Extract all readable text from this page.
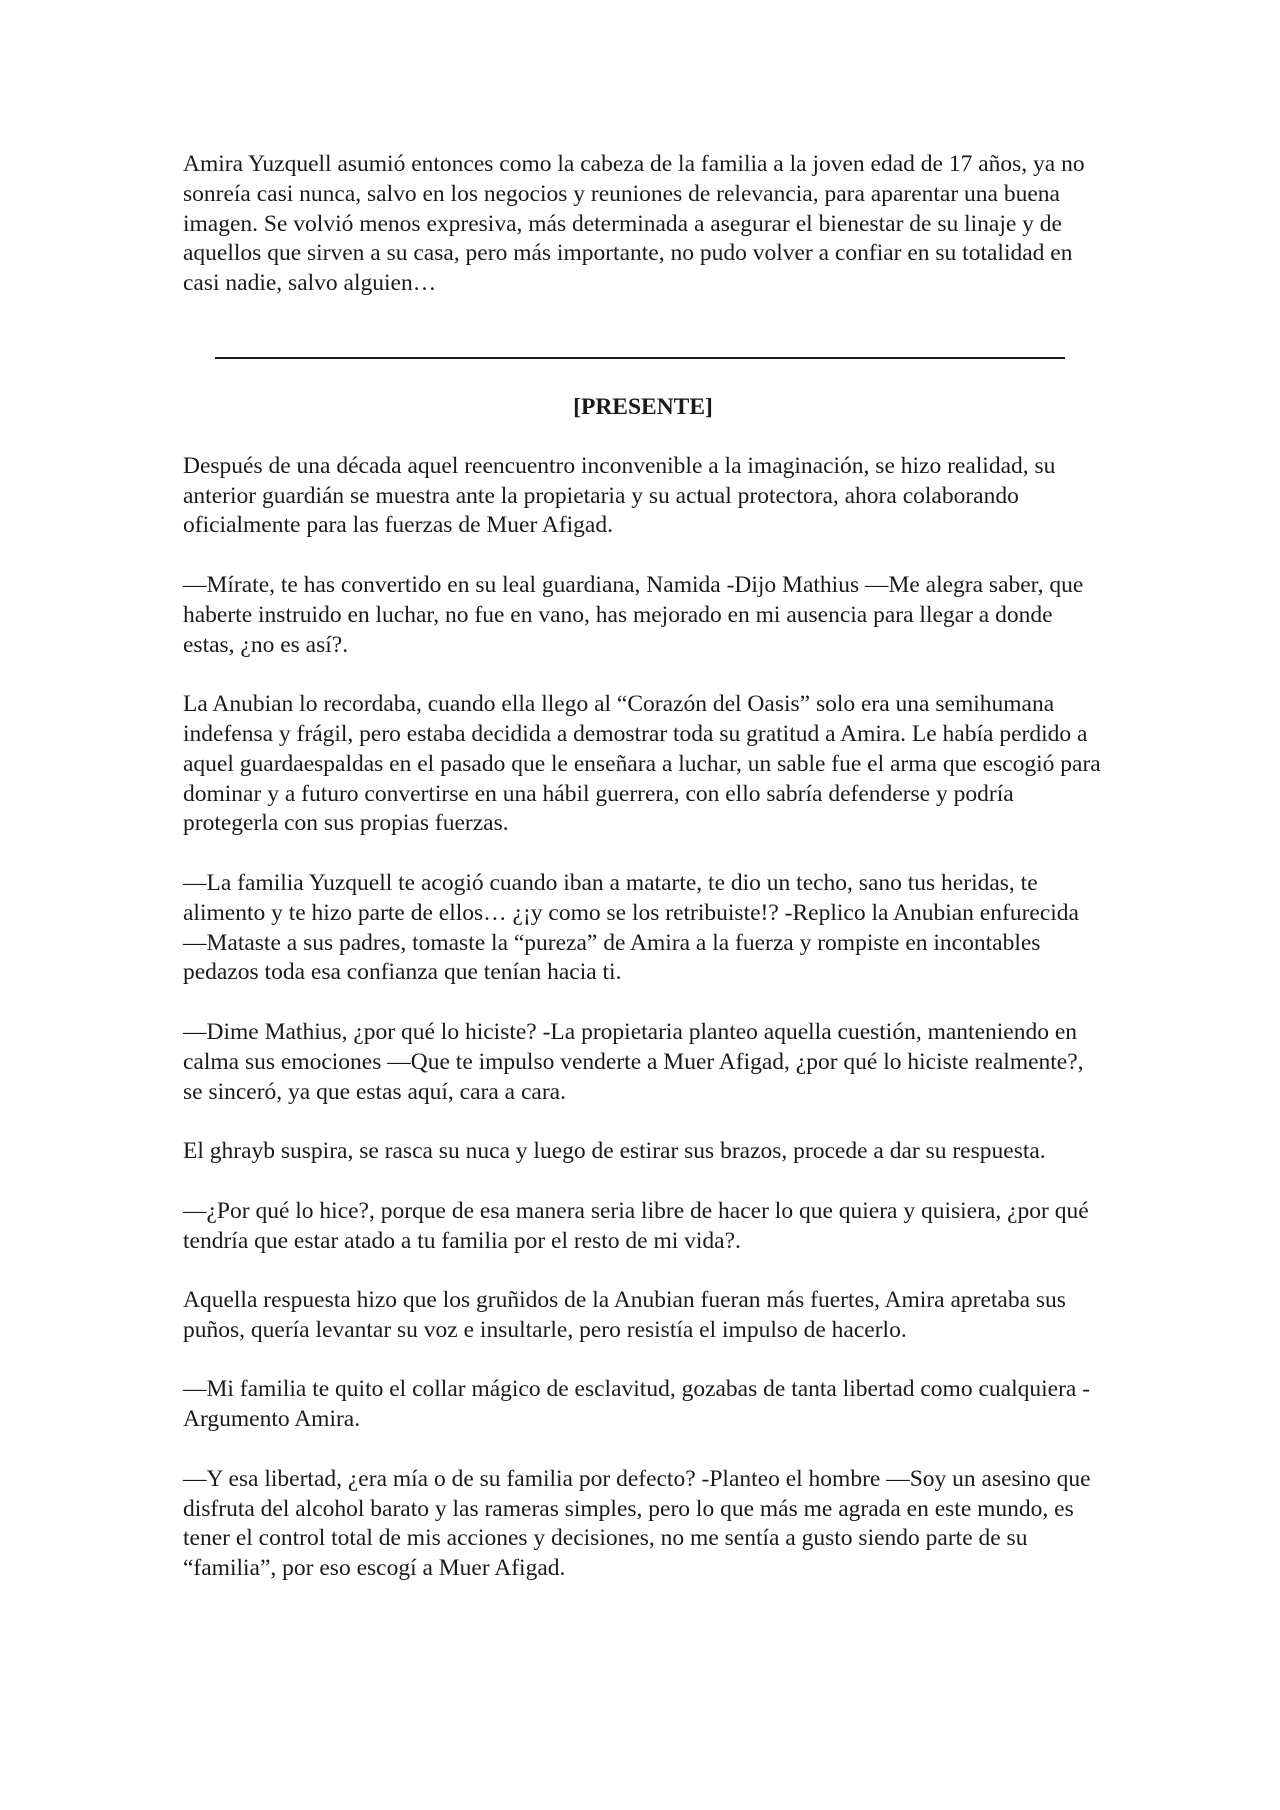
Amira Yuzquell asumió entonces como la cabeza de la familia a la joven edad de 17 años, ya no sonreía casi nunca, salvo en los negocios y reuniones de relevancia, para aparentar una buena imagen. Se volvió menos expresiva, más determinada a asegurar el bienestar de su linaje y de aquellos que sirven a su casa, pero más importante, no pudo volver a confiar en su totalidad en casi nadie, salvo alguien…

[PRESENTE]

Después de una década aquel reencuentro inconvenible a la imaginación, se hizo realidad, su anterior guardián se muestra ante la propietaria y su actual protectora, ahora colaborando oficialmente para las fuerzas de Muer Afigad.

—Mírate, te has convertido en su leal guardiana, Namida -Dijo Mathius —Me alegra saber, que haberte instruido en luchar, no fue en vano, has mejorado en mi ausencia para llegar a donde estas, ¿no es así?.

La Anubian lo recordaba, cuando ella llego al “Corazón del Oasis” solo era una semihumana indefensa y frágil, pero estaba decidida a demostrar toda su gratitud a Amira. Le había perdido a aquel guardaespaldas en el pasado que le enseñara a luchar, un sable fue el arma que escogió para dominar y a futuro convertirse en una hábil guerrera, con ello sabría defenderse y podría protegerla con sus propias fuerzas.

—La familia Yuzquell te acogió cuando iban a matarte, te dio un techo, sano tus heridas, te alimento y te hizo parte de ellos… ¿¡y como se los retribuiste!? -Replico la Anubian enfurecida —Mataste a sus padres, tomaste la “pureza” de Amira a la fuerza y rompiste en incontables pedazos toda esa confianza que tenían hacia ti.

—Dime Mathius, ¿por qué lo hiciste? -La propietaria planteo aquella cuestión, manteniendo en calma sus emociones —Que te impulso venderte a Muer Afigad, ¿por qué lo hiciste realmente?, se sinceró, ya que estas aquí, cara a cara.

El ghrayb suspira, se rasca su nuca y luego de estirar sus brazos, procede a dar su respuesta.

—¿Por qué lo hice?, porque de esa manera seria libre de hacer lo que quiera y quisiera, ¿por qué tendría que estar atado a tu familia por el resto de mi vida?.

Aquella respuesta hizo que los gruñidos de la Anubian fueran más fuertes, Amira apretaba sus puños, quería levantar su voz e insultarle, pero resistía el impulso de hacerlo.

—Mi familia te quito el collar mágico de esclavitud, gozabas de tanta libertad como cualquiera -Argumento Amira.

—Y esa libertad, ¿era mía o de su familia por defecto? -Planteo el hombre —Soy un asesino que disfruta del alcohol barato y las rameras simples, pero lo que más me agrada en este mundo, es tener el control total de mis acciones y decisiones, no me sentía a gusto siendo parte de su “familia”, por eso escogí a Muer Afigad.
